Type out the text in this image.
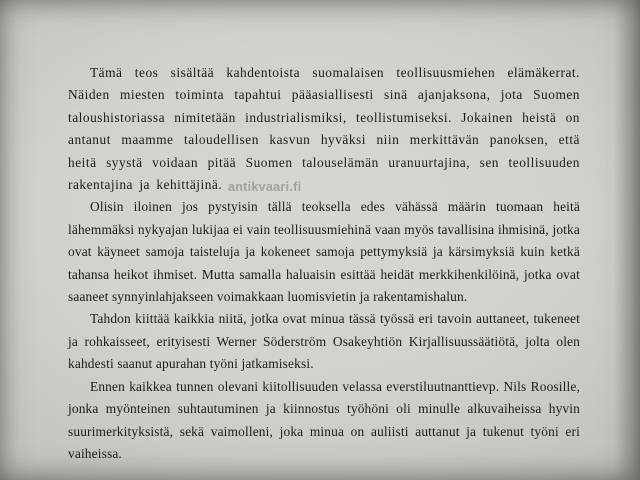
Tämä teos sisältää kahdentoista suomalaisen teollisuusmiehen elämäkerrat. Näiden miesten toiminta tapahtui pääasiallisesti sinä ajanjaksona, jota Suomen taloushistoriassa nimitetään industrialismiksi, teollistumiseksi. Jokainen heistä on antanut maamme taloudellisen kasvun hyväksi niin merkittävän panoksen, että heitä syystä voidaan pitää Suomen talouselämän uranuurtajina, sen teollisuuden rakentajina ja kehittäjinä.

Olisin iloinen jos pystyisin tällä teoksella edes vähässä määrin tuomaan heitä lähemmäksi nykyajan lukijaa ei vain teollisuusmiehinä vaan myös tavallisina ihmisinä, jotka ovat käyneet samoja taisteluja ja kokeneet samoja pettymyksiä ja kärsimyksiä kuin ketkä tahansa heikot ihmiset. Mutta samalla haluaisin esittää heidät merkkihenkilöinä, jotka ovat saaneet synnyinlahjakseen voimakkaan luomisvietin ja rakentamishalun.

Tahdon kiittää kaikkia niitä, jotka ovat minua tässä työssä eri tavoin auttaneet, tukeneet ja rohkaisseet, erityisesti Werner Söderström Osakeyhtiön Kirjallisuussäätiötä, jolta olen kahdesti saanut apurahan työni jatkamiseksi.

Ennen kaikkea tunnen olevani kiitollisuuden velassa everstiluutnanttievp. Nils Roosille, jonka myönteinen suhtautuminen ja kiinnostus työhöni oli minulle alkuvaiheissa hyvin suurimerkityksistä, sekä vaimolleni, joka minua on auliisti auttanut ja tukenut työni eri vaiheissa.

antikvaari.fi
